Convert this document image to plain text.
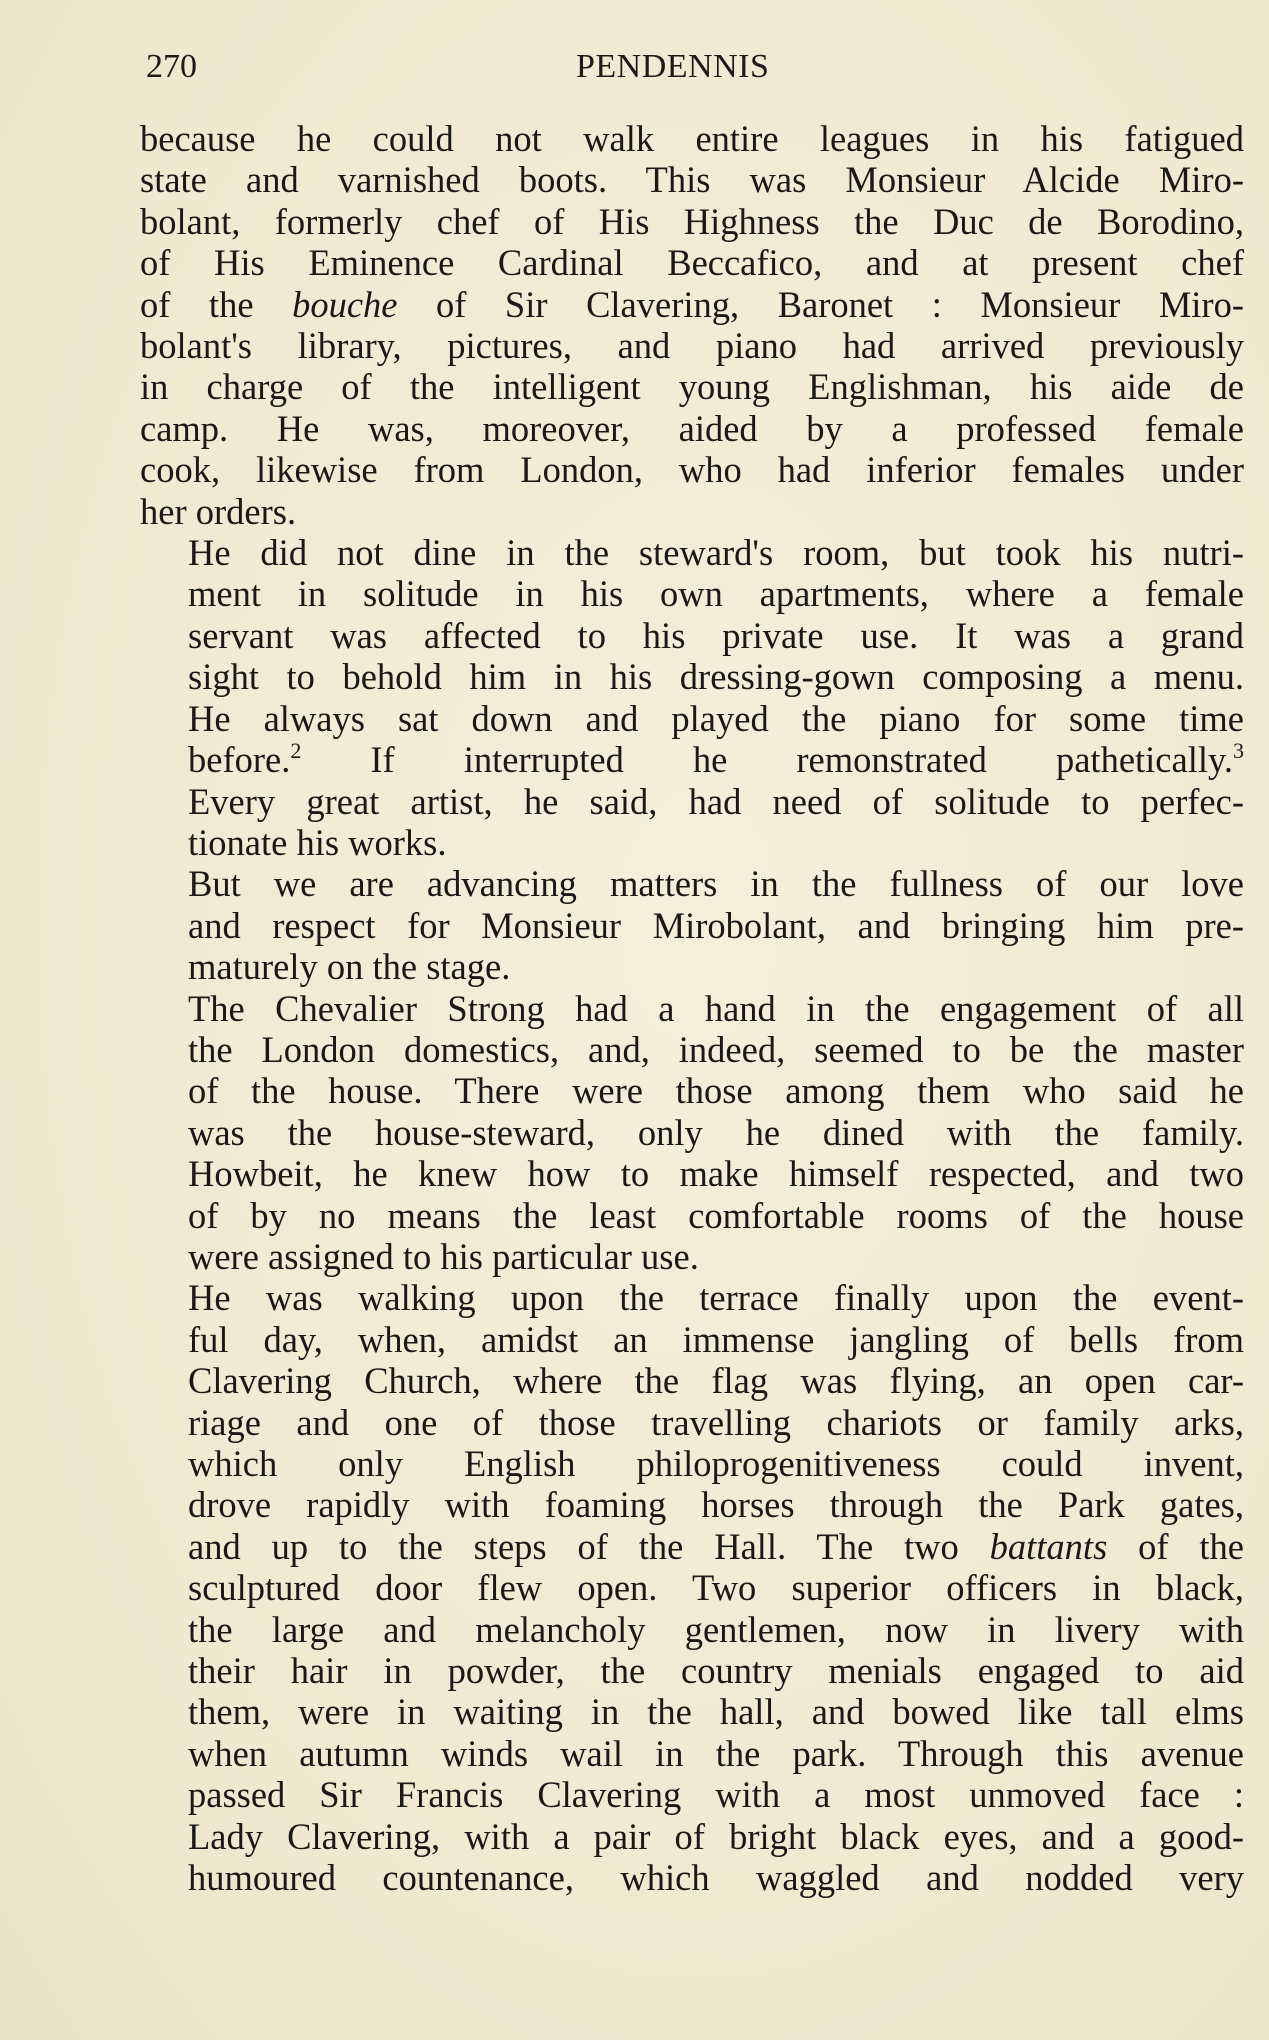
270	PENDENNIS

because he could not walk entire leagues in his fatigued
state and varnished boots. This was Monsieur Alcide Miro-
bolant, formerly chef of His Highness the Duc de Borodino,
of His Eminence Cardinal Beccafico, and at present chef
of the bouche of Sir Clavering, Baronet : Monsieur Miro-
bolant's library, pictures, and piano had arrived previously
in charge of the intelligent young Englishman, his aide de
camp. He was, moreover, aided by a professed female
cook, likewise from London, who had inferior females under
her orders.

He did not dine in the steward's room, but took his nutri-
ment in solitude in his own apartments, where a female
servant was affected to his private use. It was a grand
sight to behold him in his dressing-gown composing a menu.
He always sat down and played the piano for some time
before.$^2$ If interrupted he remonstrated pathetically.$^3$
Every great artist, he said, had need of solitude to perfec-
tionate his works.

But we are advancing matters in the fullness of our love
and respect for Monsieur Mirobolant, and bringing him pre-
maturely on the stage.

The Chevalier Strong had a hand in the engagement of all
the London domestics, and, indeed, seemed to be the master
of the house. There were those among them who said he
was the house-steward, only he dined with the family.
Howbeit, he knew how to make himself respected, and two
of by no means the least comfortable rooms of the house
were assigned to his particular use.

He was walking upon the terrace finally upon the event-
ful day, when, amidst an immense jangling of bells from
Clavering Church, where the flag was flying, an open car-
riage and one of those travelling chariots or family arks,
which only English philoprogenitiveness could invent,
drove rapidly with foaming horses through the Park gates,
and up to the steps of the Hall. The two battants of the
sculptured door flew open. Two superior officers in black,
the large and melancholy gentlemen, now in livery with
their hair in powder, the country menials engaged to aid
them, were in waiting in the hall, and bowed like tall elms
when autumn winds wail in the park. Through this avenue
passed Sir Francis Clavering with a most unmoved face :
Lady Clavering, with a pair of bright black eyes, and a good-
humoured countenance, which waggled and nodded very
